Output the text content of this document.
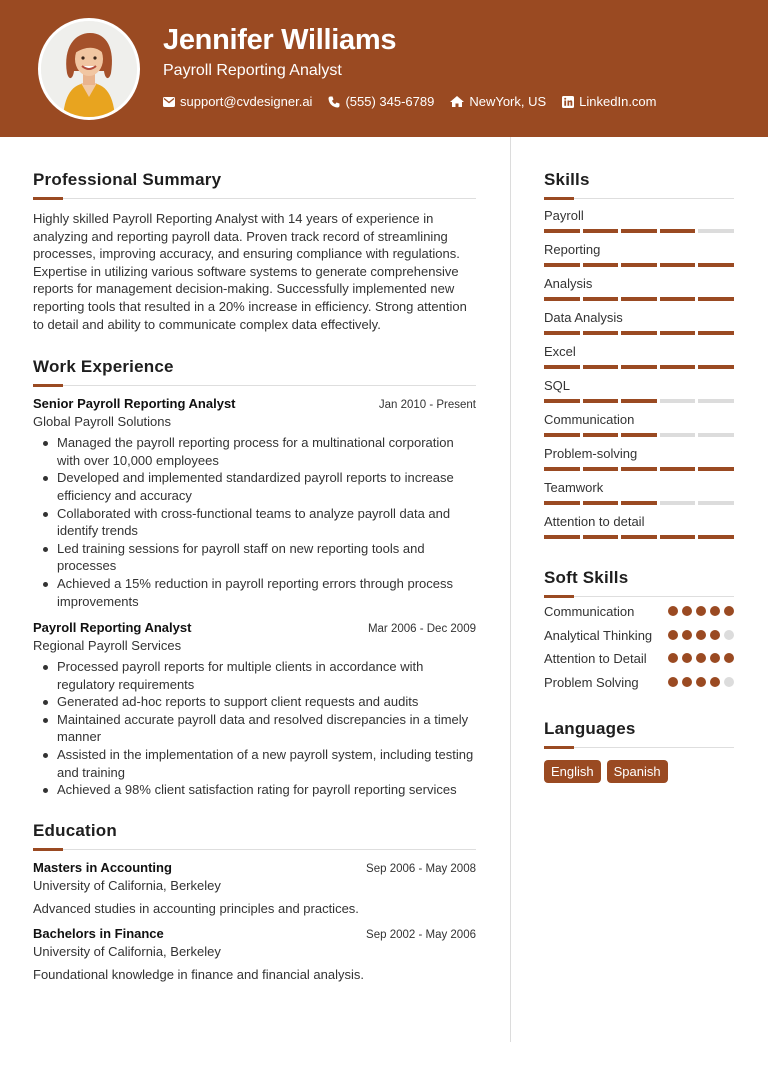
Jennifer Williams
Payroll Reporting Analyst
support@cvdesigner.ai	(555) 345-6789	NewYork, US	LinkedIn.com
Professional Summary

Highly skilled Payroll Reporting Analyst with 14 years of experience in analyzing and reporting payroll data. Proven track record of streamlining processes, improving accuracy, and ensuring compliance with regulations. Expertise in utilizing various software systems to generate comprehensive reports for management decision-making. Successfully implemented new reporting tools that resulted in a 20% increase in efficiency. Strong attention to detail and ability to communicate complex data effectively.

Work Experience
Senior Payroll Reporting Analyst	Jan 2010 - Present
Global Payroll Solutions
Managed the payroll reporting process for a multinational corporation with over 10,000 employees
Developed and implemented standardized payroll reports to increase efficiency and accuracy
Collaborated with cross-functional teams to analyze payroll data and identify trends
Led training sessions for payroll staff on new reporting tools and processes
Achieved a 15% reduction in payroll reporting errors through process improvements
Payroll Reporting Analyst	Mar 2006 - Dec 2009
Regional Payroll Services
Processed payroll reports for multiple clients in accordance with regulatory requirements
Generated ad-hoc reports to support client requests and audits
Maintained accurate payroll data and resolved discrepancies in a timely manner
Assisted in the implementation of a new payroll system, including testing and training
Achieved a 98% client satisfaction rating for payroll reporting services
Education
Masters in Accounting	Sep 2006 - May 2008
University of California, Berkeley
Advanced studies in accounting principles and practices.
Bachelors in Finance	Sep 2002 - May 2006
University of California, Berkeley
Foundational knowledge in finance and financial analysis.
Skills
Payroll
Reporting
Analysis
Data Analysis
Excel
SQL
Communication
Problem-solving
Teamwork
Attention to detail
Soft Skills
Communication
Analytical Thinking
Attention to Detail
Problem Solving
Languages
English	Spanish
